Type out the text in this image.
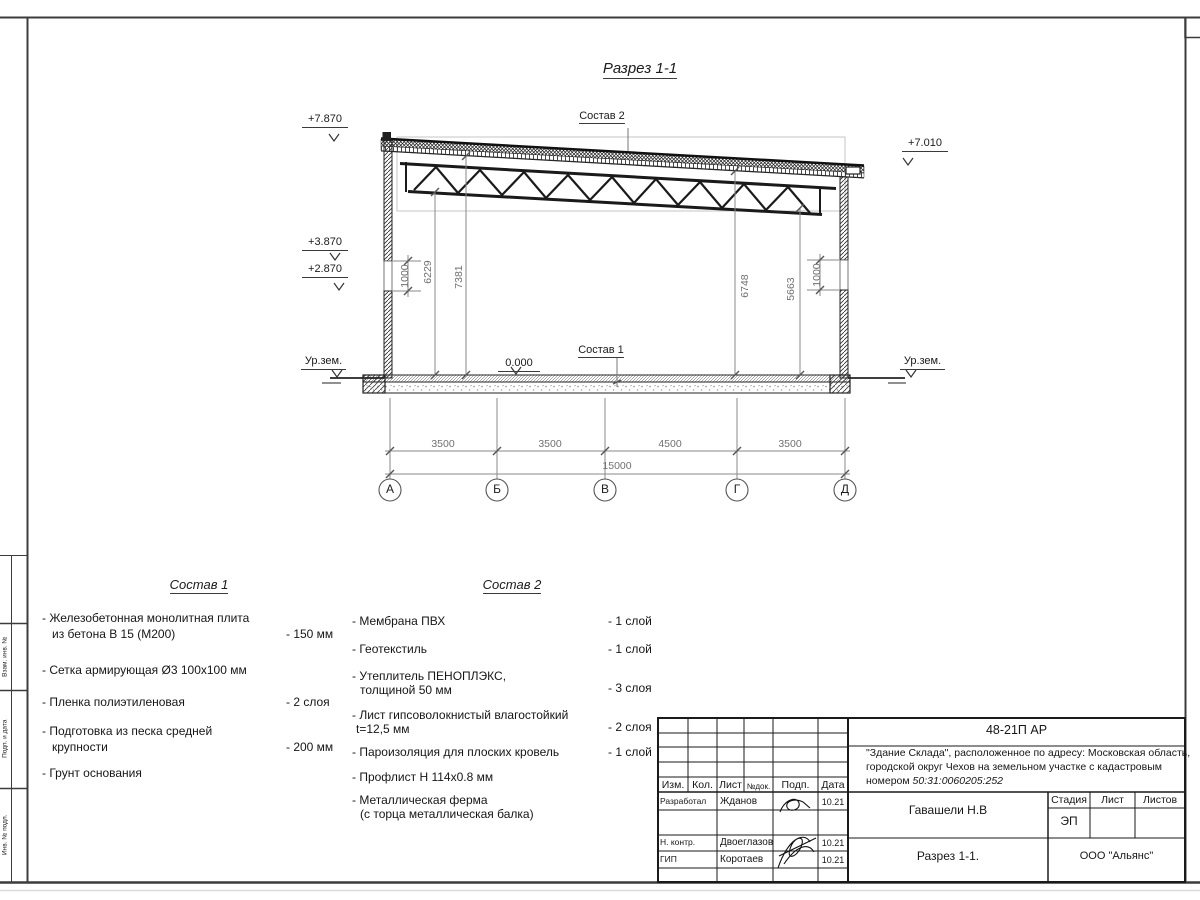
Разрез 1-1
Состав 2
Состав 1
+7.870
+3.870
+2.870
Ур.зем.	0.000
+7.010
Ур.зем.
1000 6229 7381	6748	5663
1000
3500	3500	4500	3500
15000
А	Б	В	Г	Д
Состав 1
- Железобетонная монолитная плита
из бетона В 15 (М200)	- 150 мм
- Сетка армирующая Ø3 100x100 мм
- Пленка полиэтиленовая	- 2 слоя
- Подготовка из песка средней
крупности	- 200 мм
- Грунт основания
Состав 2
- Мембрана ПВХ	- 1 слой
- Геотекстиль	- 1 слой
- Утеплитель ПЕНОПЛЭКС,
толщиной 50 мм	- 3 слоя
- Лист гипсоволокнистый влагостойкий
t=12,5 мм	- 2 слоя
- Пароизоляция для плоских кровель	- 1 слой
- Профлист Н 114x0.8 мм
- Металлическая ферма
(с торца металлическая балка)
48-21П АР
"Здание Склада", расположенное по адресу: Московская область,
городской округ Чехов на земельном участке с кадастровым
номером 50:31:0060205:252
Изм. Кол. Лист №док.	Подп.	Дата
Разработал Жданов	10.21
Н. контр. Двоеглазов	10.21
ГИП	Коротаев	10.21
Гавашели Н.В
Стадия	Лист	Листов
ЭП
Разрез 1-1.	ООО "Альянс"
Взам. инв. №
Подп. и дата
Инв. № подл.
